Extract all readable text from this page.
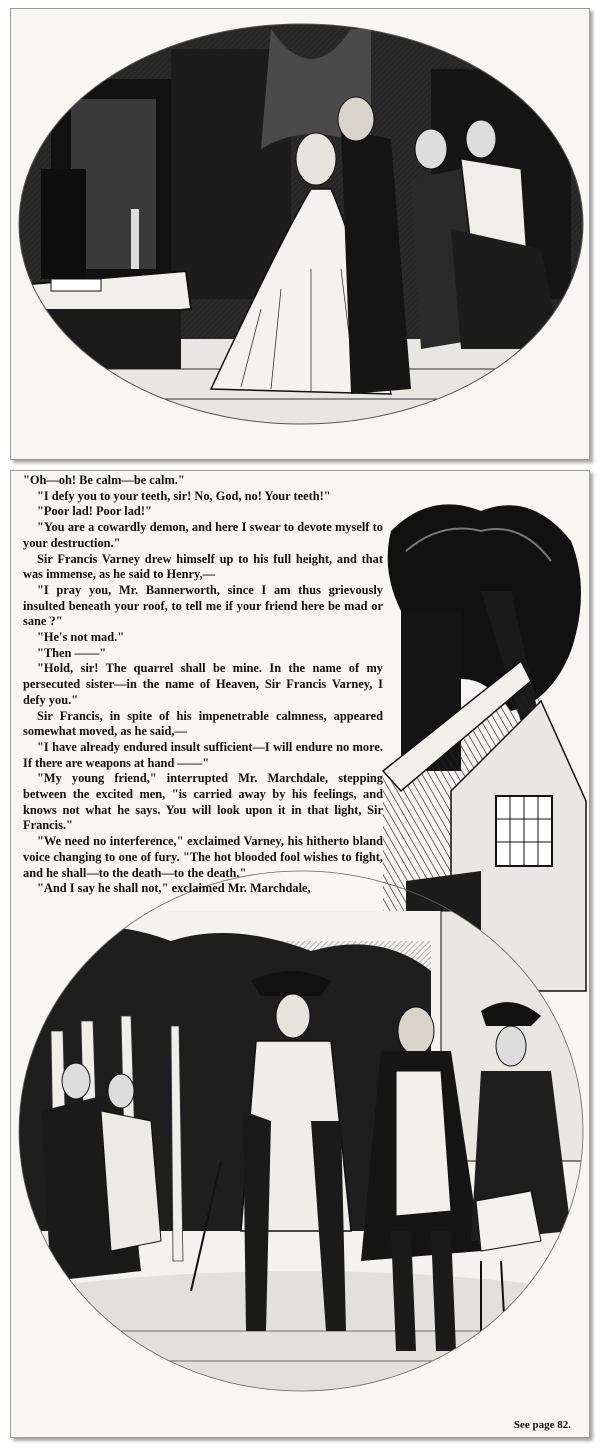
"Oh—oh! Be calm—be calm."

"I defy you to your teeth, sir! No, God, no! Your teeth!"

"Poor lad! Poor lad!"

"You are a cowardly demon, and here I swear to devote myself to your destruction."

Sir Francis Varney drew himself up to his full height, and that was immense, as he said to Henry,—

"I pray you, Mr. Bannerworth, since I am thus grievously insulted beneath your roof, to tell me if your friend here be mad or sane ?"

"He's not mad."

"Then ——"

"Hold, sir! The quarrel shall be mine. In the name of my persecuted sister—in the name of Heaven, Sir Francis Varney, I defy you."

Sir Francis, in spite of his impenetrable calmness, appeared somewhat moved, as he said,—

"I have already endured insult sufficient—I will endure no more. If there are weapons at hand ——"

"My young friend," interrupted Mr. Marchdale, stepping between the excited men, "is carried away by his feelings, and knows not what he says. You will look upon it in that light, Sir Francis."

"We need no interference," exclaimed Varney, his hitherto bland voice changing to one of fury. "The hot blooded fool wishes to fight, and he shall—to the death—to the death."

"And I say he shall not," exclaimed Mr. Marchdale,

See page 82.
